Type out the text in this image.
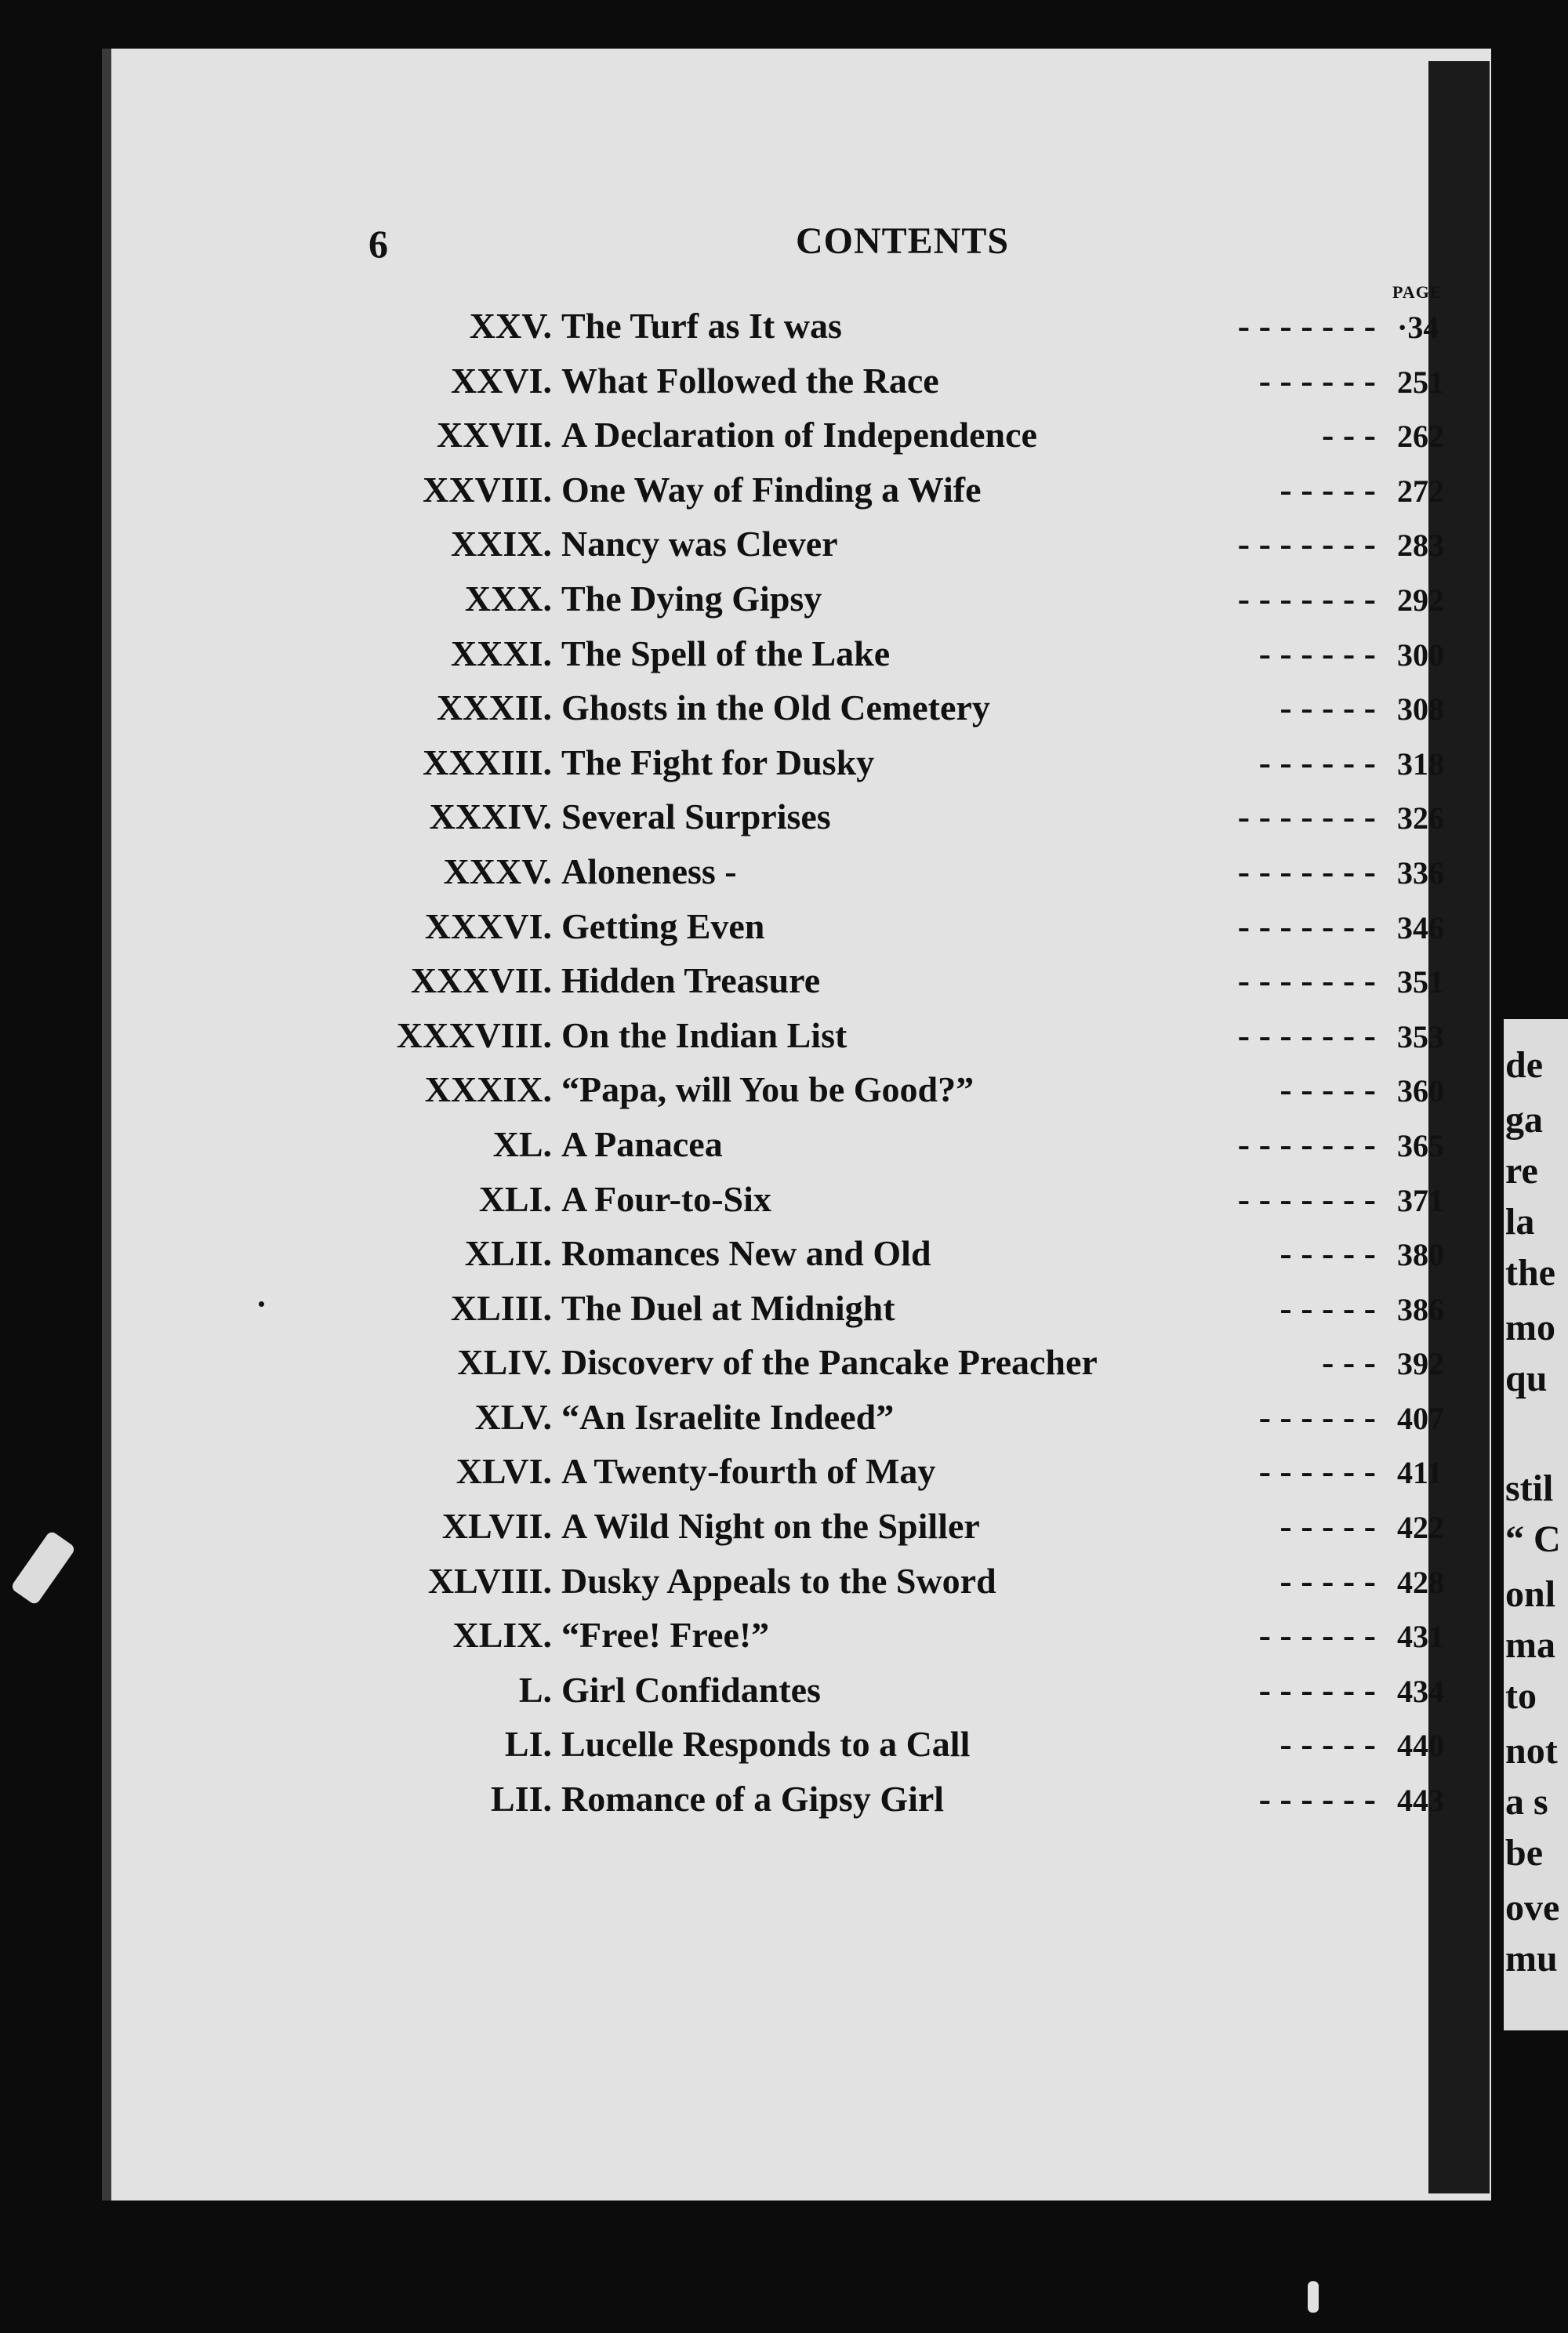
de
ga
re
la
the
mo
qu
stil
“ C
onl
ma
to
not
a s
be
ove
mu
6	CONTENTS
PAGE
XXV. The Turf as It was	- - - - - - - ·34
XXVI. What Followed the Race	- - - - - - 251
XXVII. A Declaration of Independence	- - - 262
XXVIII. One Way of Finding a Wife	- - - - - 272
XXIX. Nancy was Clever	- - - - - - - 283
XXX. The Dying Gipsy	- - - - - - - 292
XXXI. The Spell of the Lake	- - - - - - 300
XXXII. Ghosts in the Old Cemetery	- - - - - 308
XXXIII. The Fight for Dusky	- - - - - - 318
XXXIV. Several Surprises	- - - - - - - 326
XXXV. Aloneness -	- - - - - - - 336
XXXVI. Getting Even	- - - - - - - 346
XXXVII. Hidden Treasure	- - - - - - - 351
XXXVIII. On the Indian List	- - - - - - - 353
XXXIX. “Papa, will You be Good?”	- - - - - 360
XL. A Panacea	- - - - - - - 365
XLI. A Four-to-Six	- - - - - - - 371
XLII. Romances New and Old	- - - - - 380
XLIII. The Duel at Midnight	- - - - - 386
XLIV. Discoverv of the Pancake Preacher	- - - 392
XLV. “An Israelite Indeed”	- - - - - - 407
XLVI. A Twenty-fourth of May	- - - - - - 411
XLVII. A Wild Night on the Spiller	- - - - - 422
XLVIII. Dusky Appeals to the Sword	- - - - - 428
XLIX. “Free! Free!”	- - - - - - 431
L. Girl Confidantes	- - - - - - 434
LI. Lucelle Responds to a Call	- - - - - 440
LII. Romance of a Gipsy Girl	- - - - - - 443
